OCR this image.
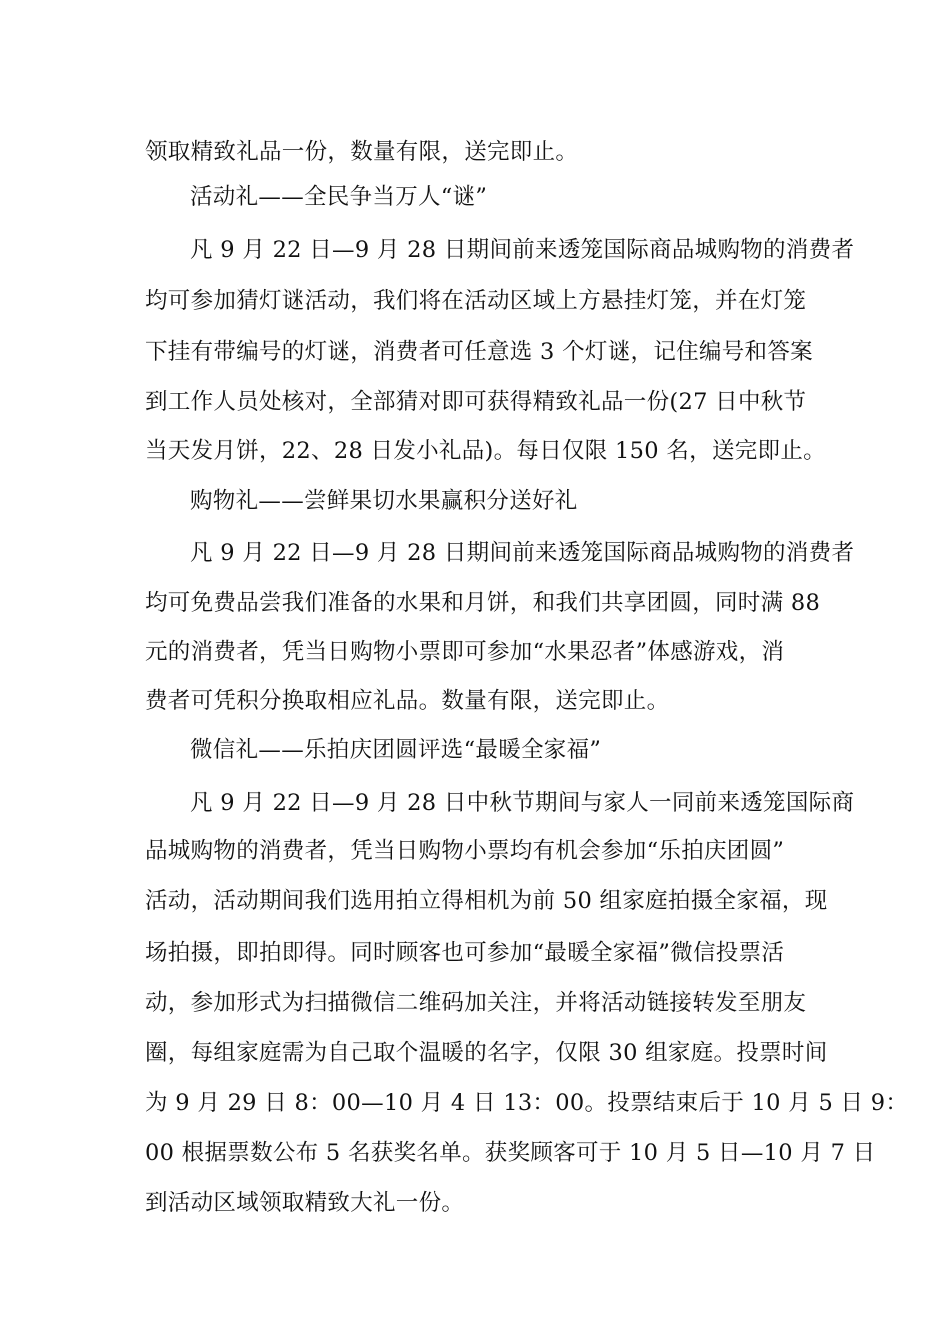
领取精致礼品一份，数量有限，送完即止。
活动礼——全民争当万人“谜”
凡 9 月 22 日—9 月 28 日期间前来透笼国际商品城购物的消费者
均可参加猜灯谜活动，我们将在活动区域上方悬挂灯笼，并在灯笼
下挂有带编号的灯谜，消费者可任意选 3 个灯谜，记住编号和答案
到工作人员处核对，全部猜对即可获得精致礼品一份(27 日中秋节
当天发月饼，22、28 日发小礼品)。每日仅限 150 名，送完即止。
购物礼——尝鲜果切水果赢积分送好礼
凡 9 月 22 日—9 月 28 日期间前来透笼国际商品城购物的消费者
均可免费品尝我们准备的水果和月饼，和我们共享团圆，同时满 88
元的消费者，凭当日购物小票即可参加“水果忍者”体感游戏，消
费者可凭积分换取相应礼品。数量有限，送完即止。
微信礼——乐拍庆团圆评选“最暖全家福”
凡 9 月 22 日—9 月 28 日中秋节期间与家人一同前来透笼国际商
品城购物的消费者，凭当日购物小票均有机会参加“乐拍庆团圆”
活动，活动期间我们选用拍立得相机为前 50 组家庭拍摄全家福，现
场拍摄，即拍即得。同时顾客也可参加“最暖全家福”微信投票活
动，参加形式为扫描微信二维码加关注，并将活动链接转发至朋友
圈，每组家庭需为自己取个温暖的名字，仅限 30 组家庭。投票时间
为 9 月 29 日 8：00—10 月 4 日 13：00。投票结束后于 10 月 5 日 9：
00 根据票数公布 5 名获奖名单。获奖顾客可于 10 月 5 日—10 月 7 日
到活动区域领取精致大礼一份。
